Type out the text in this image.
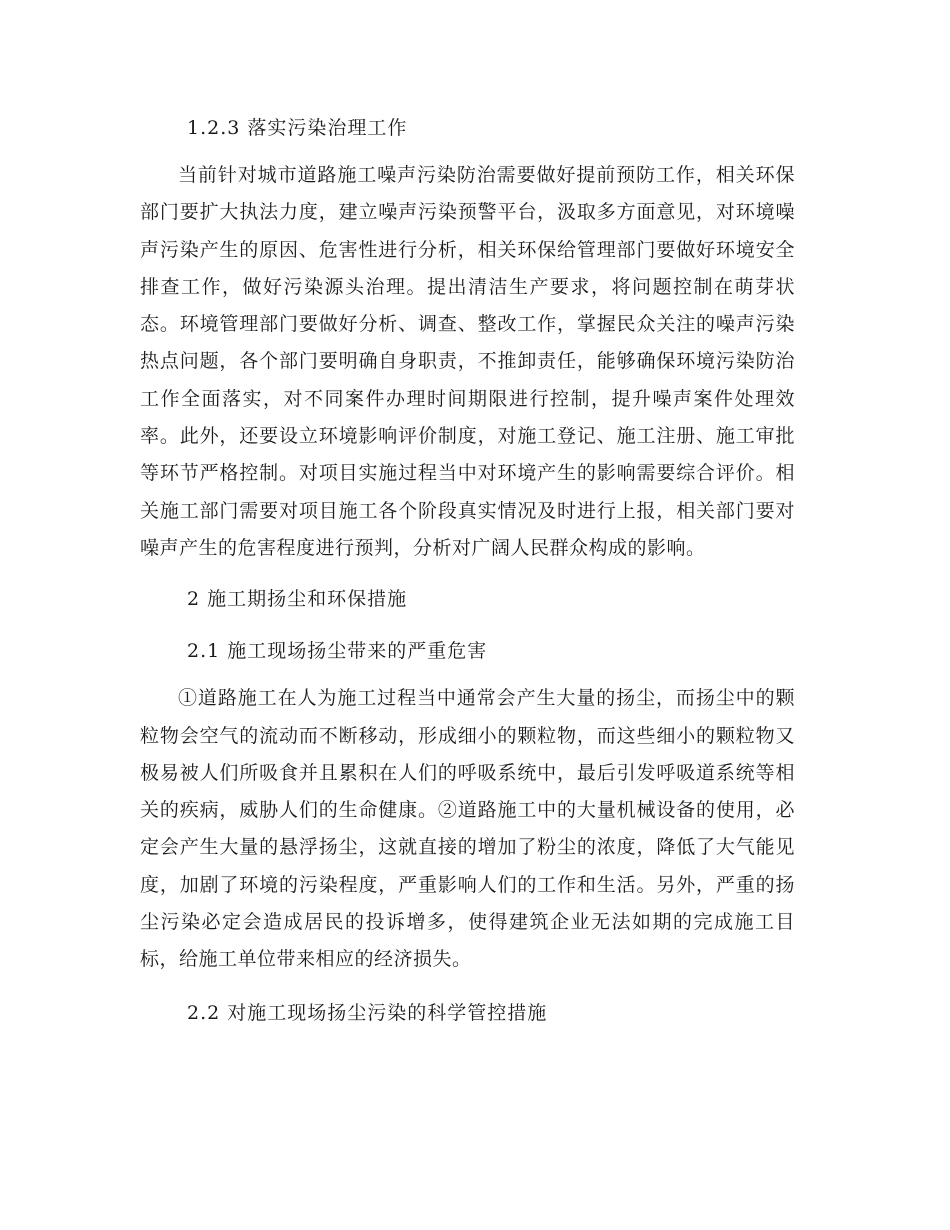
1.2.3 落实污染治理工作

当前针对城市道路施工噪声污染防治需要做好提前预防工作，相关环保部门要扩大执法力度，建立噪声污染预警平台，汲取多方面意见，对环境噪声污染产生的原因、危害性进行分析，相关环保给管理部门要做好环境安全排查工作，做好污染源头治理。提出清洁生产要求，将问题控制在萌芽状态。环境管理部门要做好分析、调查、整改工作，掌握民众关注的噪声污染热点问题，各个部门要明确自身职责，不推卸责任，能够确保环境污染防治工作全面落实，对不同案件办理时间期限进行控制，提升噪声案件处理效率。此外，还要设立环境影响评价制度，对施工登记、施工注册、施工审批等环节严格控制。对项目实施过程当中对环境产生的影响需要综合评价。相关施工部门需要对项目施工各个阶段真实情况及时进行上报，相关部门要对噪声产生的危害程度进行预判，分析对广阔人民群众构成的影响。

2 施工期扬尘和环保措施
2.1 施工现场扬尘带来的严重危害

①道路施工在人为施工过程当中通常会产生大量的扬尘，而扬尘中的颗粒物会空气的流动而不断移动，形成细小的颗粒物，而这些细小的颗粒物又极易被人们所吸食并且累积在人们的呼吸系统中，最后引发呼吸道系统等相关的疾病，威胁人们的生命健康。②道路施工中的大量机械设备的使用，必定会产生大量的悬浮扬尘，这就直接的增加了粉尘的浓度，降低了大气能见度，加剧了环境的污染程度，严重影响人们的工作和生活。另外，严重的扬尘污染必定会造成居民的投诉增多，使得建筑企业无法如期的完成施工目标，给施工单位带来相应的经济损失。

2.2 对施工现场扬尘污染的科学管控措施
